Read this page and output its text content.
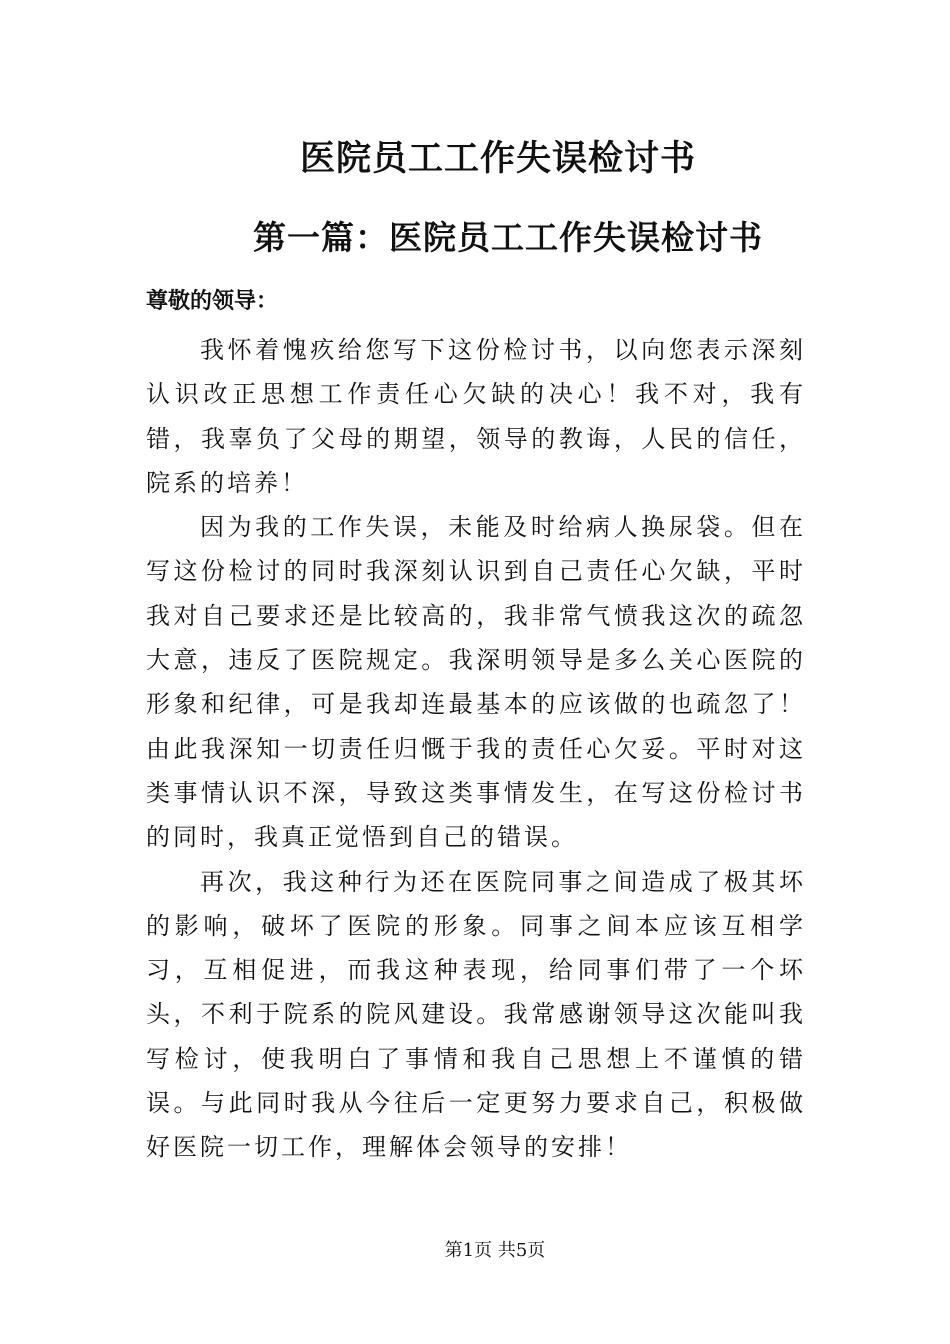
医院员工工作失误检讨书
第一篇：医院员工工作失误检讨书

尊敬的领导：

我怀着愧疚给您写下这份检讨书，以向您表示深刻认识改正思想工作责任心欠缺的决心！我不对，我有错，我辜负了父母的期望，领导的教诲，人民的信任，院系的培养！

因为我的工作失误，未能及时给病人换尿袋。但在写这份检讨的同时我深刻认识到自己责任心欠缺，平时我对自己要求还是比较高的，我非常气愤我这次的疏忽大意，违反了医院规定。我深明领导是多么关心医院的形象和纪律，可是我却连最基本的应该做的也疏忽了！由此我深知一切责任归慨于我的责任心欠妥。平时对这类事情认识不深，导致这类事情发生，在写这份检讨书的同时，我真正觉悟到自己的错误。

再次，我这种行为还在医院同事之间造成了极其坏的影响，破坏了医院的形象。同事之间本应该互相学习，互相促进，而我这种表现，给同事们带了一个坏头，不利于院系的院风建设。我常感谢领导这次能叫我写检讨，使我明白了事情和我自己思想上不谨慎的错误。与此同时我从今往后一定更努力要求自己，积极做好医院一切工作，理解体会领导的安排！

第1页 共5页
